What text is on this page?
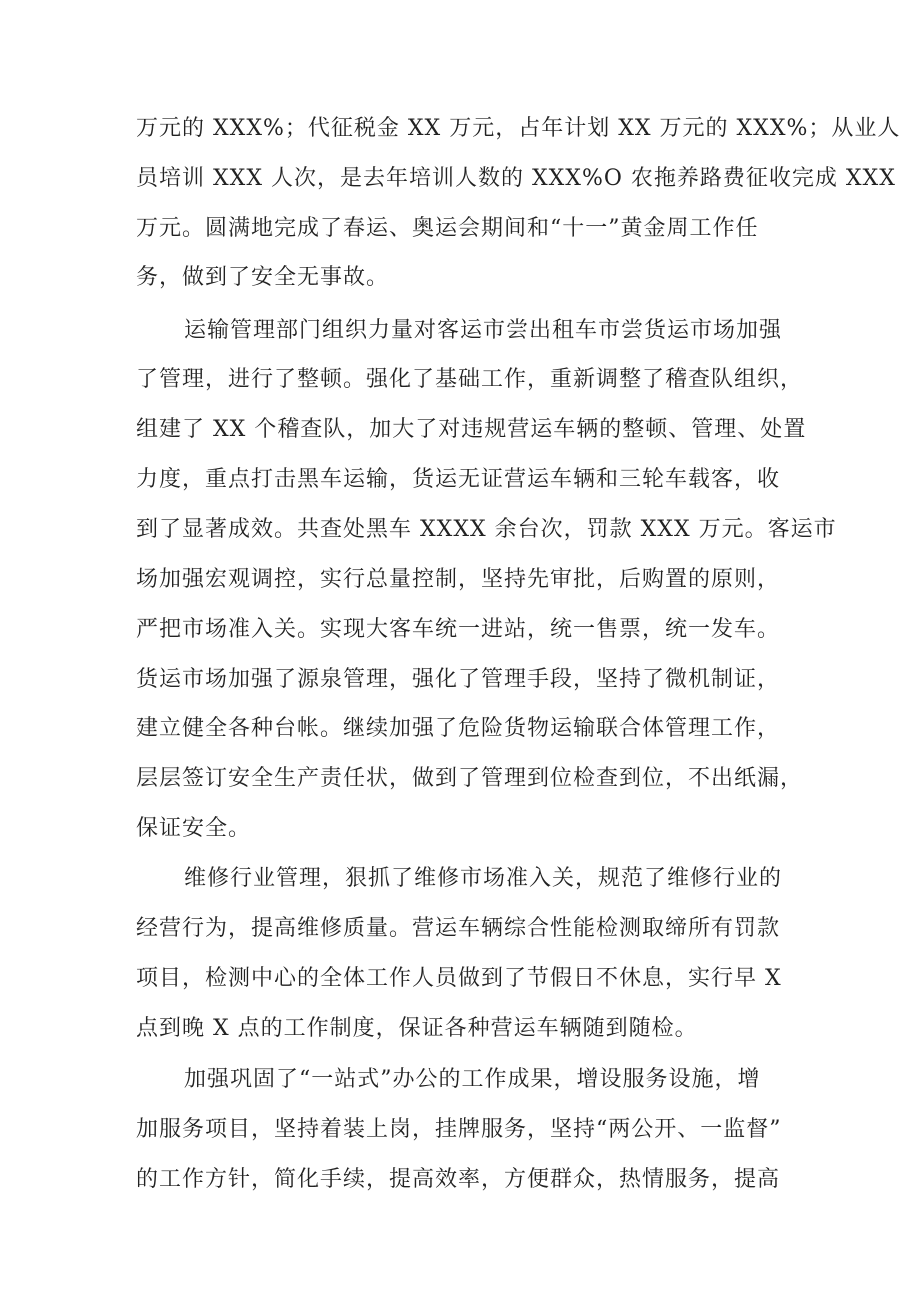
万元的 XXX%；代征税金 XX 万元，占年计划 XX 万元的 XXX%；从业人
员培训 XXX 人次，是去年培训人数的 XXX%O 农拖养路费征收完成 XXX
万元。圆满地完成了春运、奥运会期间和“十一”黄金周工作任
务，做到了安全无事故。
运输管理部门组织力量对客运市尝出租车市尝货运市场加强
了管理，进行了整顿。强化了基础工作，重新调整了稽查队组织，
组建了 XX 个稽查队，加大了对违规营运车辆的整顿、管理、处置
力度，重点打击黑车运输，货运无证营运车辆和三轮车载客，收
到了显著成效。共查处黑车 XXXX 余台次，罚款 XXX 万元。客运市
场加强宏观调控，实行总量控制，坚持先审批，后购置的原则，
严把市场准入关。实现大客车统一进站，统一售票，统一发车。
货运市场加强了源泉管理，强化了管理手段，坚持了微机制证，
建立健全各种台帐。继续加强了危险货物运输联合体管理工作，
层层签订安全生产责任状，做到了管理到位检查到位，不出纸漏，
保证安全。
维修行业管理，狠抓了维修市场准入关，规范了维修行业的
经营行为，提高维修质量。营运车辆综合性能检测取缔所有罚款
项目，检测中心的全体工作人员做到了节假日不休息，实行早 X
点到晚 X 点的工作制度，保证各种营运车辆随到随检。
加强巩固了“一站式”办公的工作成果，增设服务设施，增
加服务项目，坚持着装上岗，挂牌服务，坚持“两公开、一监督”
的工作方针，简化手续，提高效率，方便群众，热情服务，提高
